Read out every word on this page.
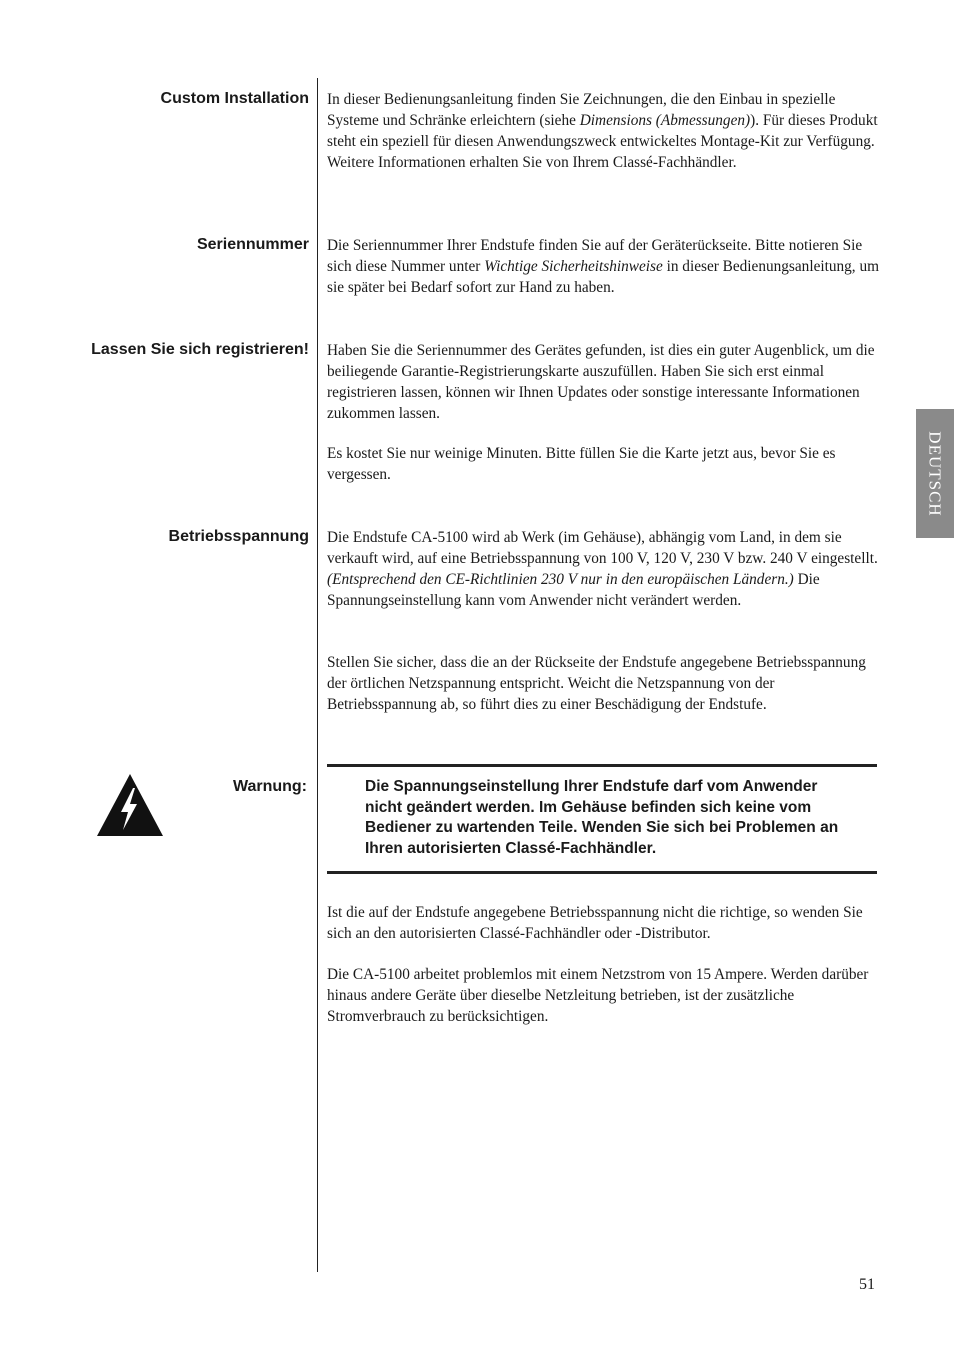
DEUTSCH
Custom Installation In dieser Bedienungsanleitung finden Sie Zeichnungen, die den Einbau in spezielle Systeme und Schränke erleichtern (siehe Dimensions (Abmessungen)). Für dieses Produkt steht ein speziell für diesen Anwendungszweck entwickeltes Montage-Kit zur Verfügung. Weitere Informationen erhalten Sie von Ihrem Classé-Fachhändler.
Seriennummer Die Seriennummer Ihrer Endstufe finden Sie auf der Geräterückseite. Bitte notieren Sie sich diese Nummer unter Wichtige Sicherheitshinweise in dieser Bedienungsanleitung, um sie später bei Bedarf sofort zur Hand zu haben.
Lassen Sie sich registrieren! Haben Sie die Seriennummer des Gerätes gefunden, ist dies ein guter Augenblick, um die beiliegende Garantie-Registrierungskarte auszufüllen. Haben Sie sich erst einmal registrieren lassen, können wir Ihnen Updates oder sonstige interessante Informationen zukommen lassen.
Es kostet Sie nur weinige Minuten. Bitte füllen Sie die Karte jetzt aus, bevor Sie es vergessen.
Betriebsspannung Die Endstufe CA-5100 wird ab Werk (im Gehäuse), abhängig vom Land, in dem sie verkauft wird, auf eine Betriebsspannung von 100 V, 120 V, 230 V bzw. 240 V eingestellt. (Entsprechend den CE-Richtlinien 230 V nur in den europäischen Ländern.) Die Spannungseinstellung kann vom Anwender nicht verändert werden.
Stellen Sie sicher, dass die an der Rückseite der Endstufe angegebene Betriebsspannung der örtlichen Netzspannung entspricht. Weicht die Netzspannung von der Betriebsspannung ab, so führt dies zu einer Beschädigung der Endstufe.
Warnung:	Die Spannungseinstellung Ihrer Endstufe darf vom Anwender nicht geändert werden. Im Gehäuse befinden sich keine vom Bediener zu wartenden Teile. Wenden Sie sich bei Problemen an Ihren autorisierten Classé-Fachhändler.
Ist die auf der Endstufe angegebene Betriebsspannung nicht die richtige, so wenden Sie sich an den autorisierten Classé-Fachhändler oder -Distributor.
Die CA-5100 arbeitet problemlos mit einem Netzstrom von 15 Ampere. Werden darüber hinaus andere Geräte über dieselbe Netzleitung betrieben, ist der zusätzliche Stromverbrauch zu berücksichtigen.
51
